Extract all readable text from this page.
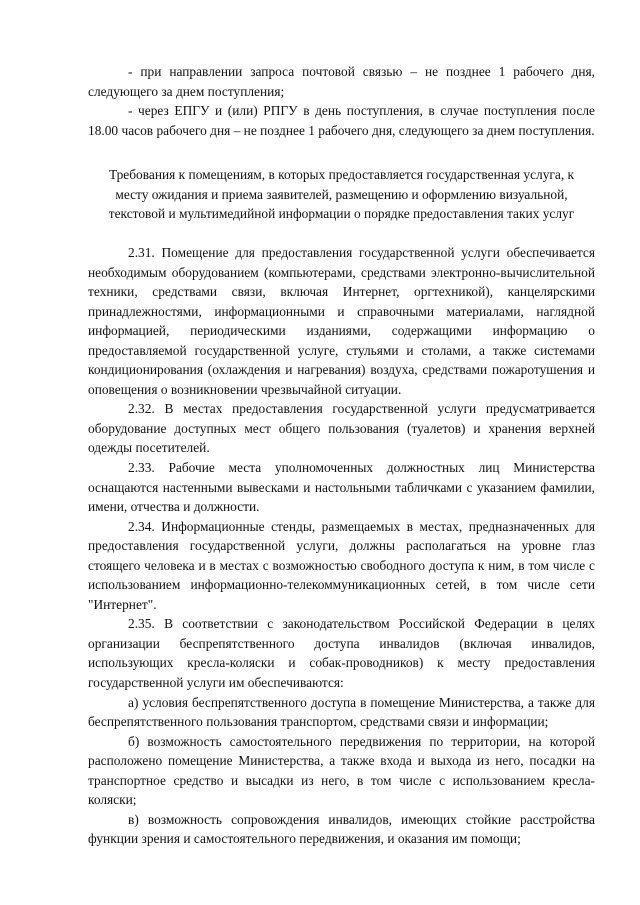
- при направлении запроса почтовой связью – не позднее 1 рабочего дня, следующего за днем поступления;

- через ЕПГУ и (или) РПГУ в день поступления, в случае поступления после 18.00 часов рабочего дня – не позднее 1 рабочего дня, следующего за днем поступления.

Требования к помещениям, в которых предоставляется государственная услуга, к месту ожидания и приема заявителей, размещению и оформлению визуальной, текстовой и мультимедийной информации о порядке предоставления таких услуг

2.31. Помещение для предоставления государственной услуги обеспечивается необходимым оборудованием (компьютерами, средствами электронно-вычислительной техники, средствами связи, включая Интернет, оргтехникой), канцелярскими принадлежностями, информационными и справочными материалами, наглядной информацией, периодическими изданиями, содержащими информацию о предоставляемой государственной услуге, стульями и столами, а также системами кондиционирования (охлаждения и нагревания) воздуха, средствами пожаротушения и оповещения о возникновении чрезвычайной ситуации.

2.32. В местах предоставления государственной услуги предусматривается оборудование доступных мест общего пользования (туалетов) и хранения верхней одежды посетителей.

2.33. Рабочие места уполномоченных должностных лиц Министерства оснащаются настенными вывесками и настольными табличками с указанием фамилии, имени, отчества и должности.

2.34. Информационные стенды, размещаемых в местах, предназначенных для предоставления государственной услуги, должны располагаться на уровне глаз стоящего человека и в местах с возможностью свободного доступа к ним, в том числе с использованием информационно-телекоммуникационных сетей, в том числе сети "Интернет".

2.35. В соответствии с законодательством Российской Федерации в целях организации беспрепятственного доступа инвалидов (включая инвалидов, использующих кресла-коляски и собак-проводников) к месту предоставления государственной услуги им обеспечиваются:

а) условия беспрепятственного доступа в помещение Министерства, а также для беспрепятственного пользования транспортом, средствами связи и информации;

б) возможность самостоятельного передвижения по территории, на которой расположено помещение Министерства, а также входа и выхода из него, посадки на транспортное средство и высадки из него, в том числе с использованием кресла-коляски;

в) возможность сопровождения инвалидов, имеющих стойкие расстройства функции зрения и самостоятельного передвижения, и оказания им помощи;
